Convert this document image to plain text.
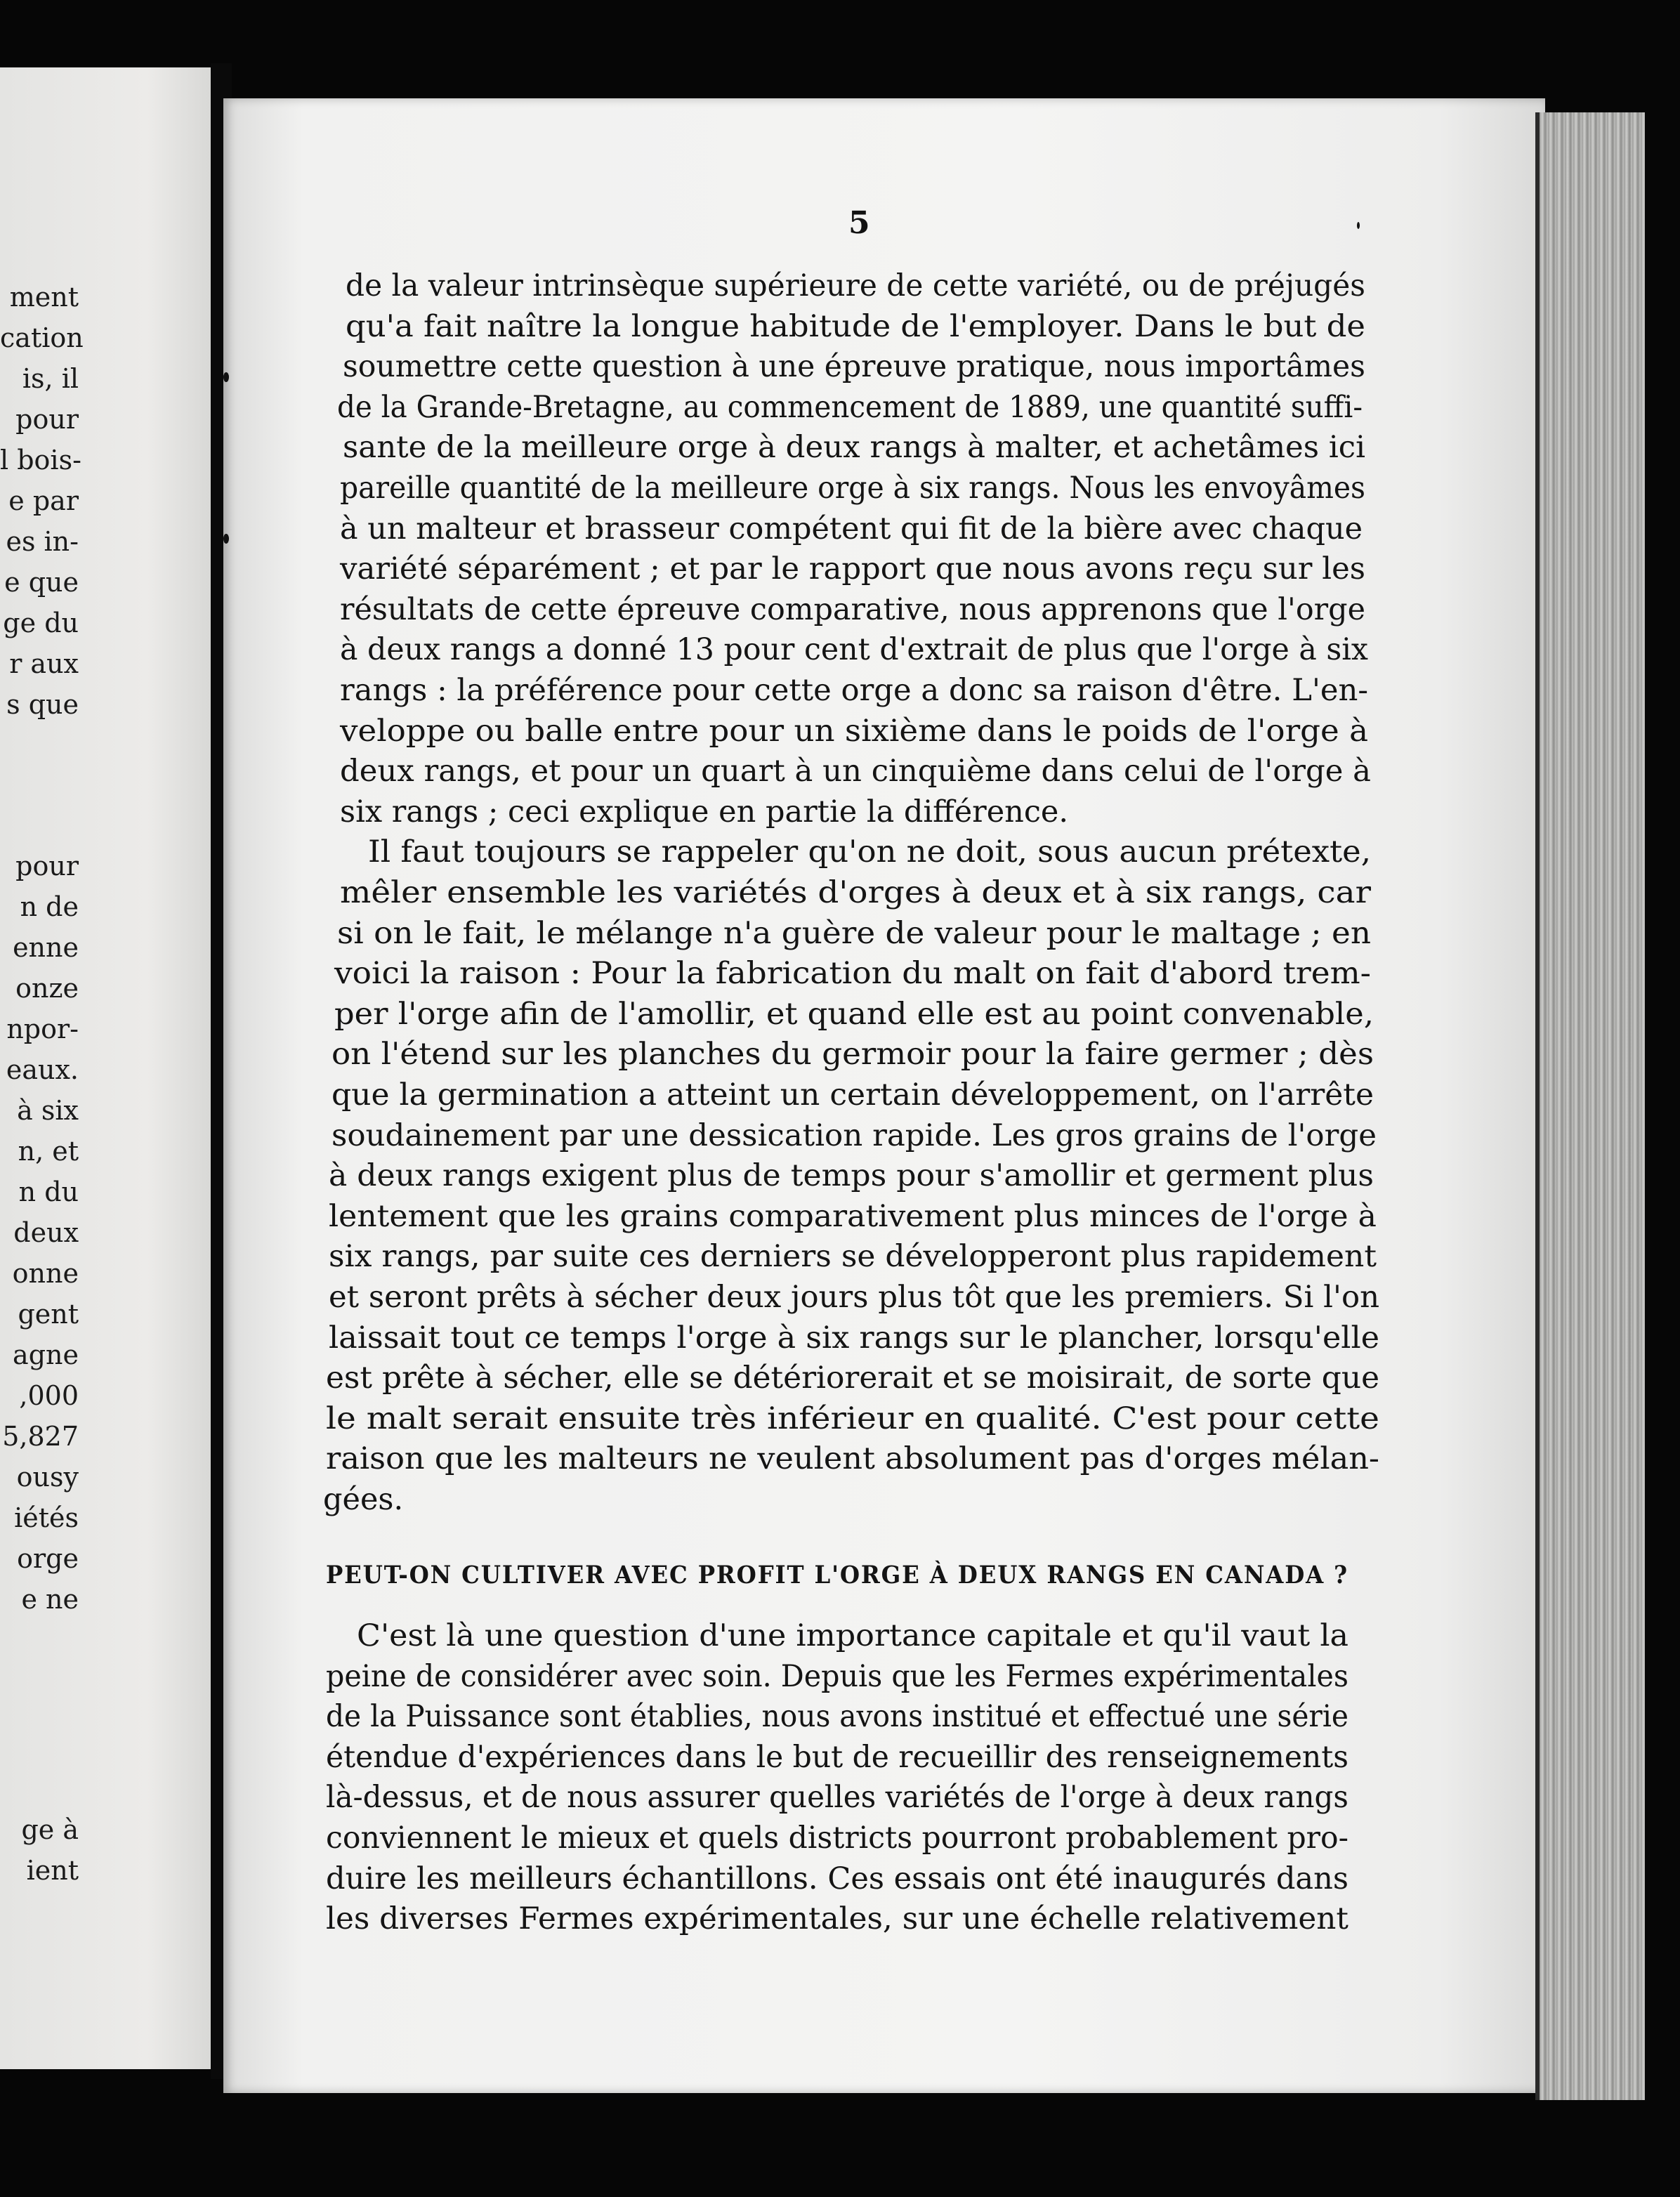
5
de la valeur intrinsèque supérieure de cette variété, ou de préjugés
qu'a fait naître la longue habitude de l'employer. Dans le but de
soumettre cette question à une épreuve pratique, nous importâmes
de la Grande-Bretagne, au commencement de 1889, une quantité suffi-
sante de la meilleure orge à deux rangs à malter, et achetâmes ici
pareille quantité de la meilleure orge à six rangs. Nous les envoyâmes
à un malteur et brasseur compétent qui fit de la bière avec chaque
variété séparément ; et par le rapport que nous avons reçu sur les
résultats de cette épreuve comparative, nous apprenons que l'orge
à deux rangs a donné 13 pour cent d'extrait de plus que l'orge à six
rangs : la préférence pour cette orge a donc sa raison d'être. L'en-
veloppe ou balle entre pour un sixième dans le poids de l'orge à
deux rangs, et pour un quart à un cinquième dans celui de l'orge à
six rangs ; ceci explique en partie la différence.
Il faut toujours se rappeler qu'on ne doit, sous aucun prétexte,
mêler ensemble les variétés d'orges à deux et à six rangs, car
si on le fait, le mélange n'a guère de valeur pour le maltage ; en
voici la raison : Pour la fabrication du malt on fait d'abord trem-
per l'orge afin de l'amollir, et quand elle est au point convenable,
on l'étend sur les planches du germoir pour la faire germer ; dès
que la germination a atteint un certain développement, on l'arrête
soudainement par une dessication rapide. Les gros grains de l'orge
à deux rangs exigent plus de temps pour s'amollir et germent plus
lentement que les grains comparativement plus minces de l'orge à
six rangs, par suite ces derniers se développeront plus rapidement
et seront prêts à sécher deux jours plus tôt que les premiers. Si l'on
laissait tout ce temps l'orge à six rangs sur le plancher, lorsqu'elle
est prête à sécher, elle se détériorerait et se moisirait, de sorte que
le malt serait ensuite très inférieur en qualité. C'est pour cette
raison que les malteurs ne veulent absolument pas d'orges mélan-
gées.
PEUT-ON CULTIVER AVEC PROFIT L'ORGE À DEUX RANGS EN CANADA ?
C'est là une question d'une importance capitale et qu'il vaut la
peine de considérer avec soin. Depuis que les Fermes expérimentales
de la Puissance sont établies, nous avons institué et effectué une série
étendue d'expériences dans le but de recueillir des renseignements
là-dessus, et de nous assurer quelles variétés de l'orge à deux rangs
conviennent le mieux et quels districts pourront probablement pro-
duire les meilleurs échantillons. Ces essais ont été inaugurés dans
les diverses Fermes expérimentales, sur une échelle relativement
ment
cation
is, il
pour
l bois-
e par
es in-
e que
ge du
r aux
s que
pour
n de
enne
onze
npor-
eaux.
à six
n, et
n du
deux
onne
gent
agne
,000
5,827
ousy
iétés
orge
e ne
ge à
ient
